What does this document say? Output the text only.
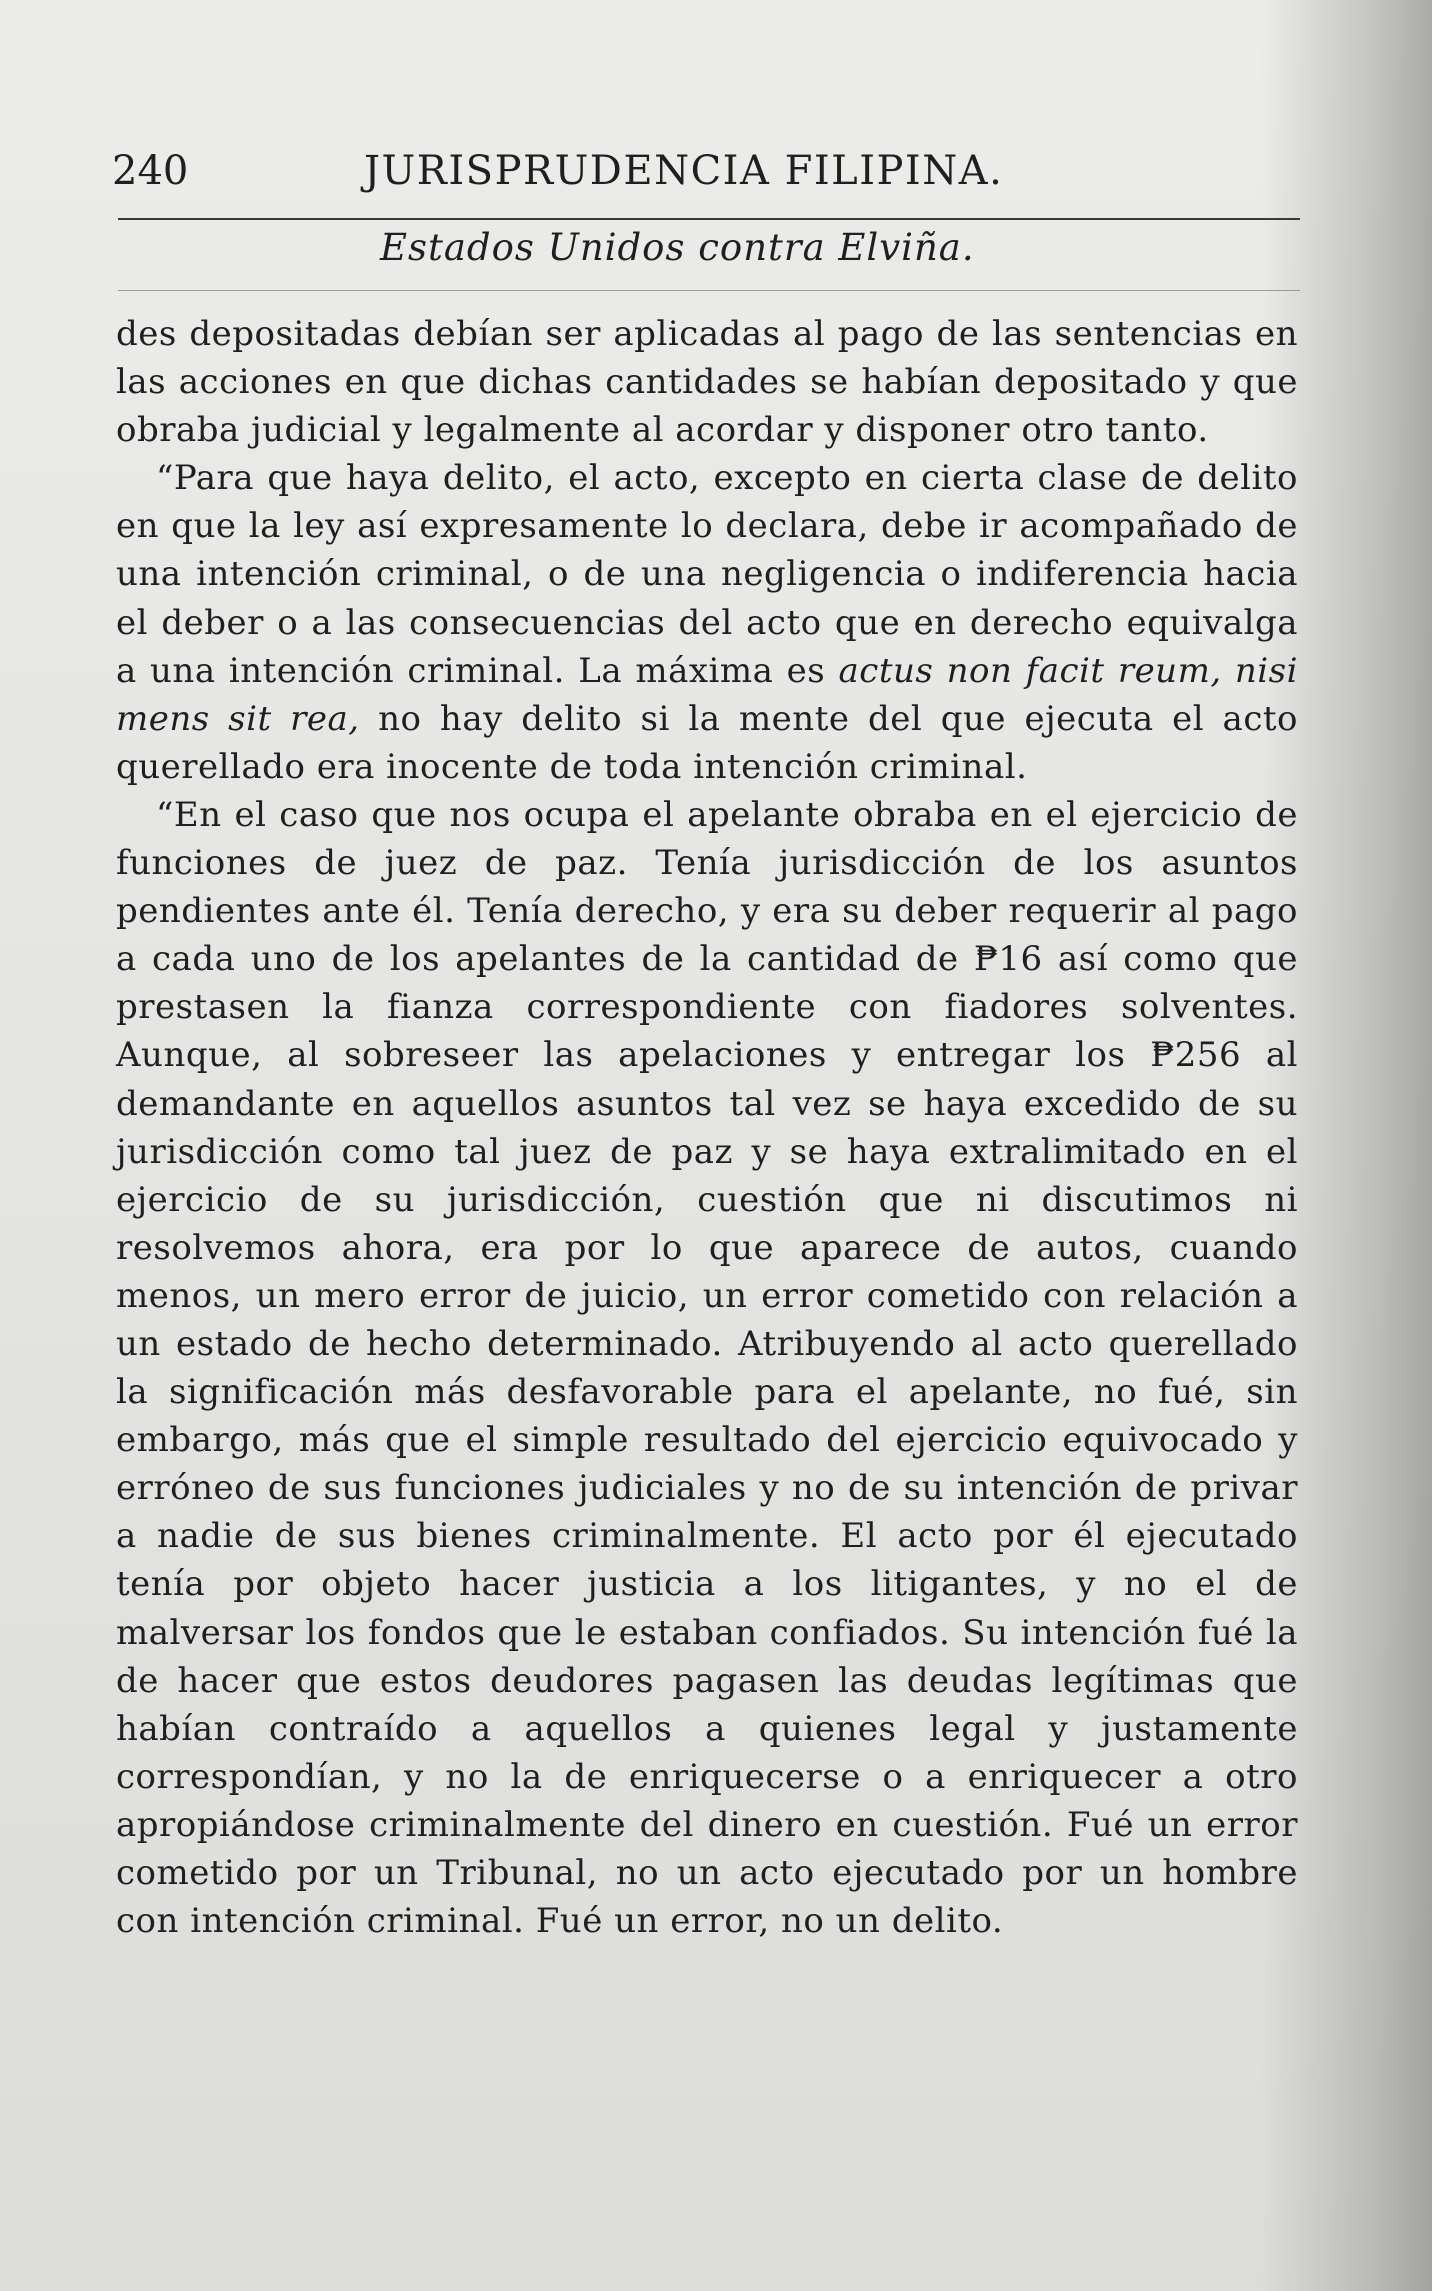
240	JURISPRUDENCIA FILIPINA.
Estados Unidos contra Elviña.

des depositadas debían ser aplicadas al pago de las sentencias en las acciones en que dichas cantidades se habían depositado y que obraba judicial y legalmente al acordar y disponer otro tanto.

“Para que haya delito, el acto, excepto en cierta clase de delito en que la ley así expresamente lo declara, debe ir acompañado de una intención criminal, o de una negligencia o indiferencia hacia el deber o a las consecuencias del acto que en derecho equivalga a una intención criminal. La máxima es actus non facit reum, nisi mens sit rea, no hay delito si la mente del que ejecuta el acto querellado era inocente de toda intención criminal.

“En el caso que nos ocupa el apelante obraba en el ejercicio de funciones de juez de paz. Tenía jurisdicción de los asuntos pendientes ante él. Tenía derecho, y era su deber requerir al pago a cada uno de los apelantes de la cantidad de ₱16 así como que prestasen la fianza correspondiente con fiadores solventes. Aunque, al sobreseer las apelaciones y entregar los ₱256 al demandante en aquellos asuntos tal vez se haya excedido de su jurisdicción como tal juez de paz y se haya extralimitado en el ejercicio de su jurisdicción, cuestión que ni discutimos ni resolvemos ahora, era por lo que aparece de autos, cuando menos, un mero error de juicio, un error cometido con relación a un estado de hecho determinado. Atribuyendo al acto querellado la significación más desfavorable para el apelante, no fué, sin embargo, más que el simple resultado del ejercicio equivocado y erróneo de sus funciones judiciales y no de su intención de privar a nadie de sus bienes criminalmente. El acto por él ejecutado tenía por objeto hacer justicia a los litigantes, y no el de malversar los fondos que le estaban confiados. Su intención fué la de hacer que estos deudores pagasen las deudas legítimas que habían contraído a aquellos a quienes legal y justamente correspondían, y no la de enriquecerse o a enriquecer a otro apropiándose criminalmente del dinero en cuestión. Fué un error cometido por un Tribunal, no un acto ejecutado por un hombre con intención criminal. Fué un error, no un delito.
